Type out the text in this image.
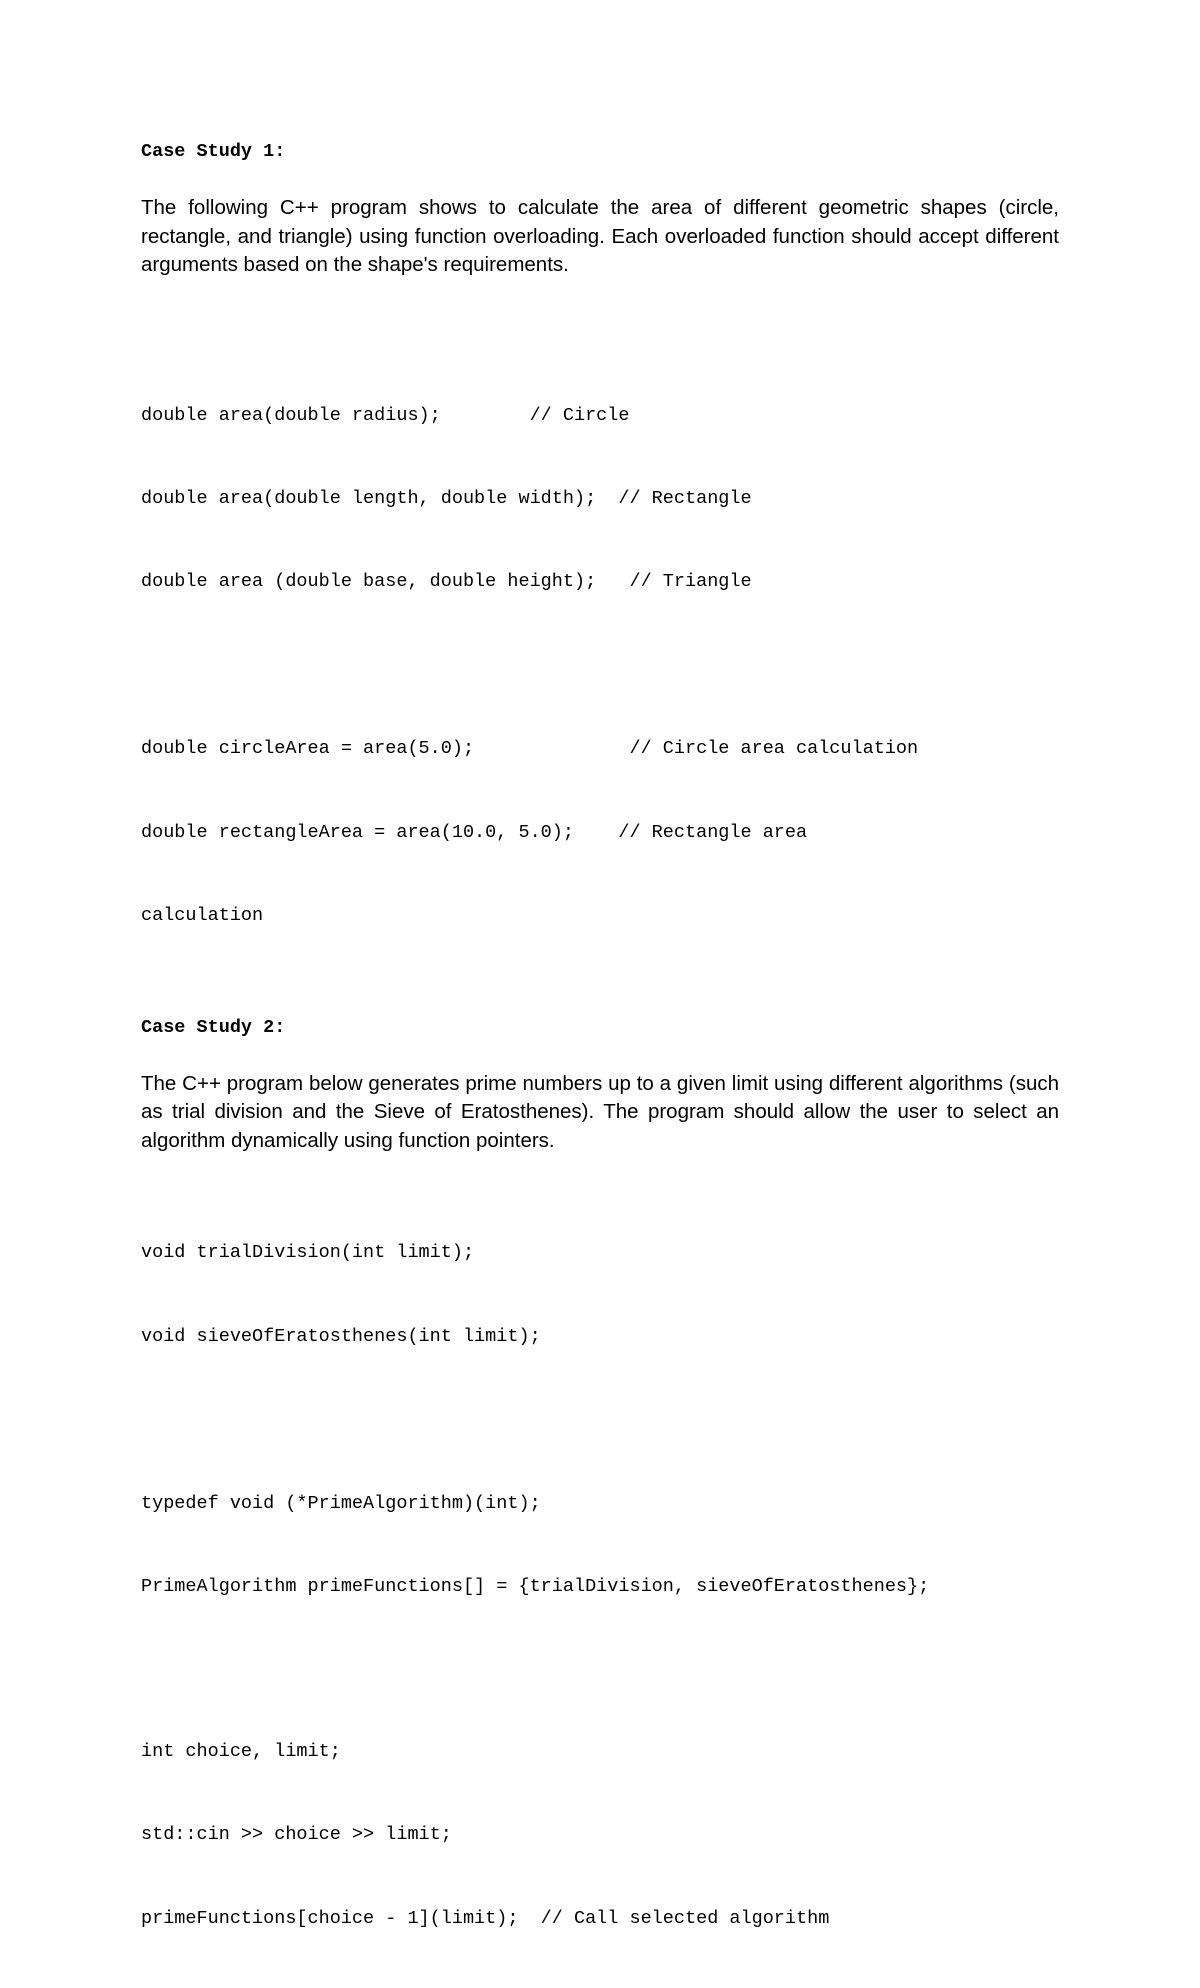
Case Study 1:

The following C++ program shows to calculate the area of different geometric shapes (circle, rectangle, and triangle) using function overloading. Each overloaded function should accept different arguments based on the shape's requirements.

double area(double radius);        // Circle

double area(double length, double width);  // Rectangle

double area (double base, double height);   // Triangle

double circleArea = area(5.0);              // Circle area calculation

double rectangleArea = area(10.0, 5.0);    // Rectangle area

calculation

Case Study 2:

The C++ program below generates prime numbers up to a given limit using different algorithms (such as trial division and the Sieve of Eratosthenes). The program should allow the user to select an algorithm dynamically using function pointers.

void trialDivision(int limit);

void sieveOfEratosthenes(int limit);

typedef void (*PrimeAlgorithm)(int);

PrimeAlgorithm primeFunctions[] = {trialDivision, sieveOfEratosthenes};

int choice, limit;

std::cin >> choice >> limit;

primeFunctions[choice - 1](limit);  // Call selected algorithm
